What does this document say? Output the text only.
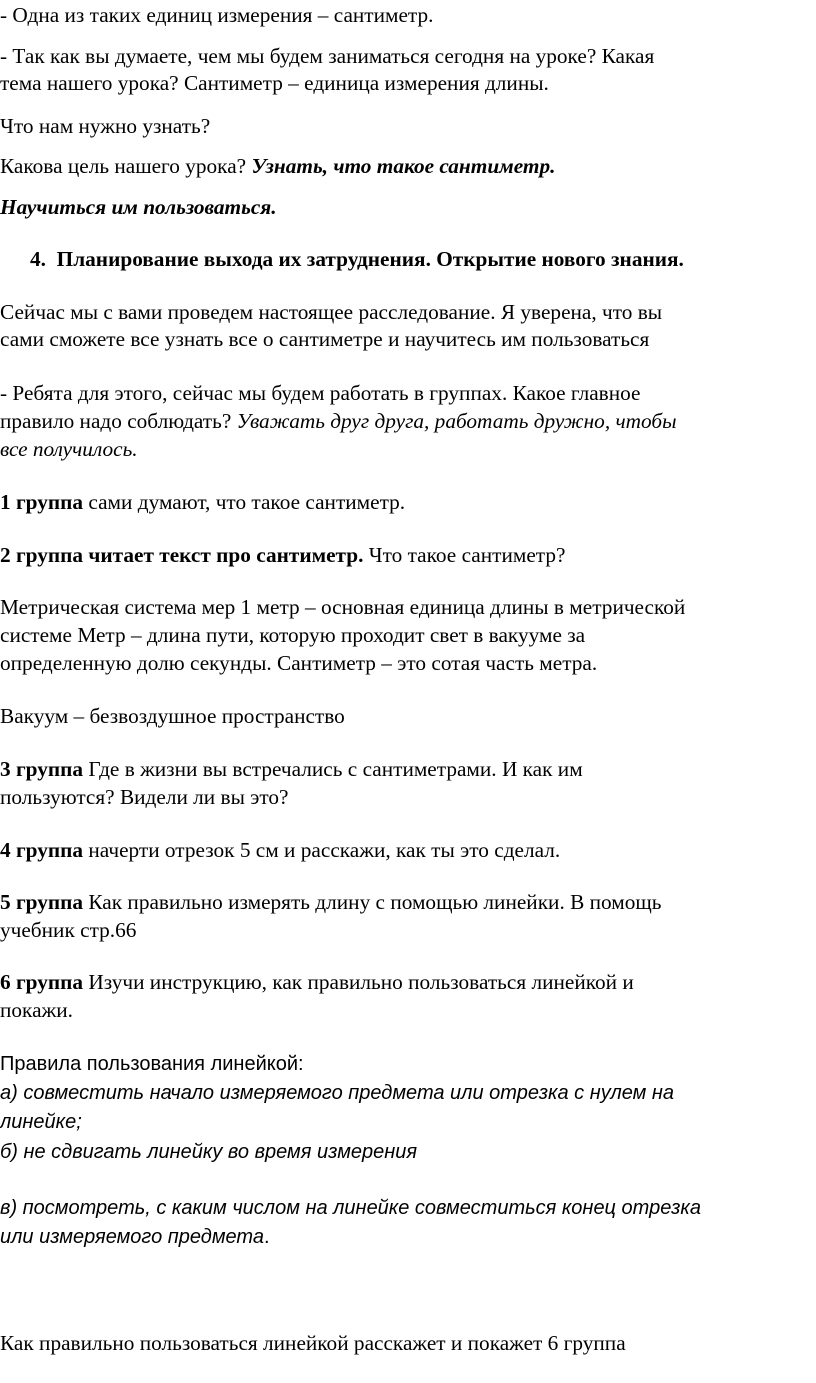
- Одна из таких единиц измерения – сантиметр.

- Так как вы думаете, чем мы будем заниматься сегодня на уроке? Какая

тема нашего урока? Сантиметр – единица измерения длины.

Что нам нужно узнать?

Какова цель нашего урока? Узнать, что такое сантиметр.

Научиться им пользоваться.

4. Планирование выхода их затруднения. Открытие нового знания.

Сейчас мы с вами проведем настоящее расследование. Я уверена, что вы

сами сможете все узнать все о сантиметре и научитесь им пользоваться

- Ребята для этого, сейчас мы будем работать в группах. Какое главное

правило надо соблюдать? Уважать друг друга, работать дружно, чтобы

все получилось.

1 группа сами думают, что такое сантиметр.

2 группа читает текст про сантиметр. Что такое сантиметр?

Метрическая система мер 1 метр – основная единица длины в метрической

системе Метр – длина пути, которую проходит свет в вакууме за

определенную долю секунды. Сантиметр – это сотая часть метра.

Вакуум – безвоздушное пространство

3 группа Где в жизни вы встречались с сантиметрами. И как им

пользуются? Видели ли вы это?

4 группа начерти отрезок 5 см и расскажи, как ты это сделал.

5 группа Как правильно измерять длину с помощью линейки. В помощь

учебник стр.66

6 группа Изучи инструкцию, как правильно пользоваться линейкой и

покажи.

Правила пользования линейкой:

а) совместить начало измеряемого предмета или отрезка с нулем на

линейке;

б) не сдвигать линейку во время измерения

в) посмотреть, с каким числом на линейке совместиться конец отрезка

или измеряемого предмета.

Как правильно пользоваться линейкой расскажет и покажет 6 группа
